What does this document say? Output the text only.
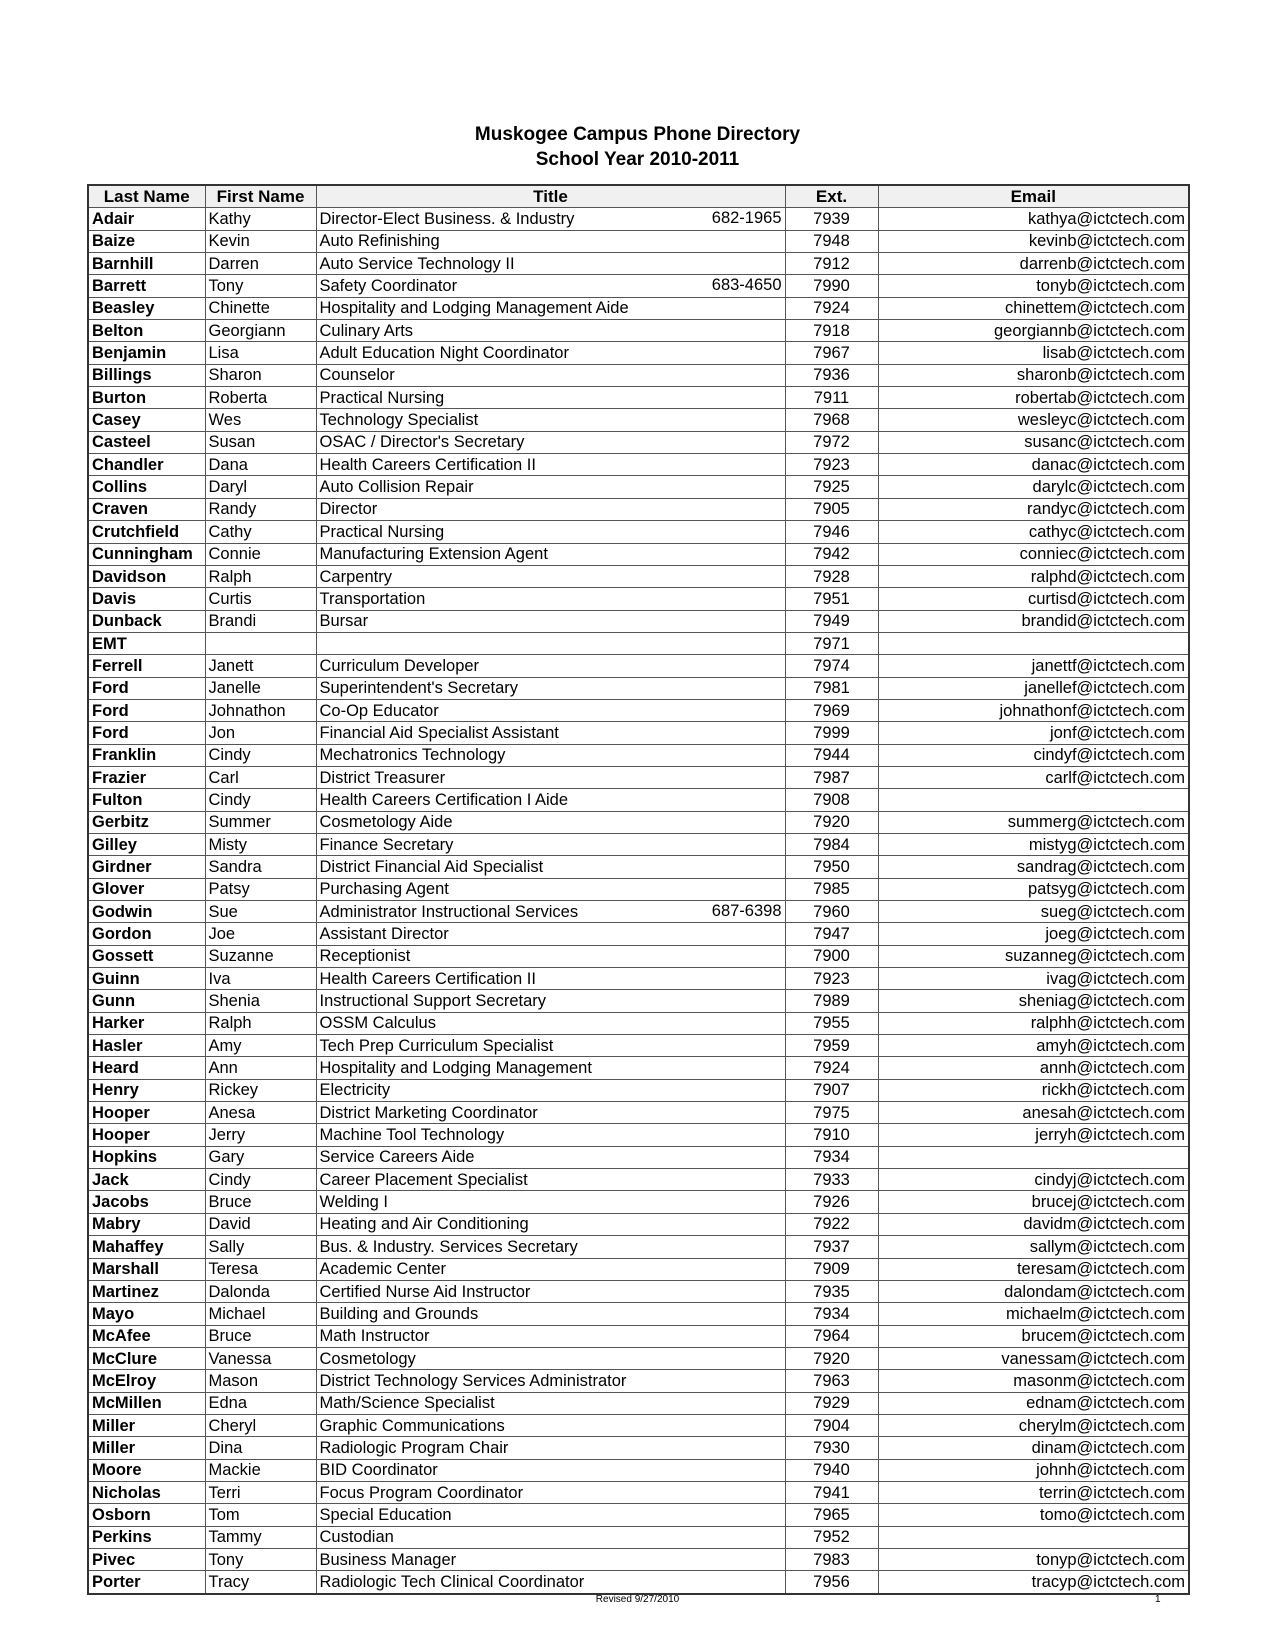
Muskogee Campus Phone Directory
School Year 2010-2011
Last Name	First Name	Title	Ext.	Email
Adair	Kathy	Director-Elect Business. & Industry 682-1965	7939	kathya@ictctech.com
Baize	Kevin	Auto Refinishing	7948	kevinb@ictctech.com
Barnhill	Darren	Auto Service Technology II	7912	darrenb@ictctech.com
Barrett	Tony	Safety Coordinator 683-4650	7990	tonyb@ictctech.com
Beasley	Chinette	Hospitality and Lodging Management Aide	7924	chinettem@ictctech.com
Belton	Georgiann	Culinary Arts	7918	georgiannb@ictctech.com
Benjamin	Lisa	Adult Education Night Coordinator	7967	lisab@ictctech.com
Billings	Sharon	Counselor	7936	sharonb@ictctech.com
Burton	Roberta	Practical Nursing	7911	robertab@ictctech.com
Casey	Wes	Technology Specialist	7968	wesleyc@ictctech.com
Casteel	Susan	OSAC / Director's Secretary	7972	susanc@ictctech.com
Chandler	Dana	Health Careers Certification II	7923	danac@ictctech.com
Collins	Daryl	Auto Collision Repair	7925	darylc@ictctech.com
Craven	Randy	Director	7905	randyc@ictctech.com
Crutchfield	Cathy	Practical Nursing	7946	cathyc@ictctech.com
Cunningham	Connie	Manufacturing Extension Agent	7942	conniec@ictctech.com
Davidson	Ralph	Carpentry	7928	ralphd@ictctech.com
Davis	Curtis	Transportation	7951	curtisd@ictctech.com
Dunback	Brandi	Bursar	7949	brandid@ictctech.com
EMT			7971	
Ferrell	Janett	Curriculum Developer	7974	janettf@ictctech.com
Ford	Janelle	Superintendent's Secretary	7981	janellef@ictctech.com
Ford	Johnathon	Co-Op Educator	7969	johnathonf@ictctech.com
Ford	Jon	Financial Aid Specialist Assistant	7999	jonf@ictctech.com
Franklin	Cindy	Mechatronics Technology	7944	cindyf@ictctech.com
Frazier	Carl	District Treasurer	7987	carlf@ictctech.com
Fulton	Cindy	Health Careers Certification I Aide	7908	
Gerbitz	Summer	Cosmetology Aide	7920	summerg@ictctech.com
Gilley	Misty	Finance Secretary	7984	mistyg@ictctech.com
Girdner	Sandra	District Financial Aid Specialist	7950	sandrag@ictctech.com
Glover	Patsy	Purchasing Agent	7985	patsyg@ictctech.com
Godwin	Sue	Administrator Instructional Services 687-6398	7960	sueg@ictctech.com
Gordon	Joe	Assistant Director	7947	joeg@ictctech.com
Gossett	Suzanne	Receptionist	7900	suzanneg@ictctech.com
Guinn	Iva	Health Careers Certification II	7923	ivag@ictctech.com
Gunn	Shenia	Instructional Support Secretary	7989	sheniag@ictctech.com
Harker	Ralph	OSSM Calculus	7955	ralphh@ictctech.com
Hasler	Amy	Tech Prep Curriculum Specialist	7959	amyh@ictctech.com
Heard	Ann	Hospitality and Lodging Management	7924	annh@ictctech.com
Henry	Rickey	Electricity	7907	rickh@ictctech.com
Hooper	Anesa	District Marketing Coordinator	7975	anesah@ictctech.com
Hooper	Jerry	Machine Tool Technology	7910	jerryh@ictctech.com
Hopkins	Gary	Service Careers Aide	7934	
Jack	Cindy	Career Placement Specialist	7933	cindyj@ictctech.com
Jacobs	Bruce	Welding I	7926	brucej@ictctech.com
Mabry	David	Heating and Air Conditioning	7922	davidm@ictctech.com
Mahaffey	Sally	Bus. & Industry. Services Secretary	7937	sallym@ictctech.com
Marshall	Teresa	Academic Center	7909	teresam@ictctech.com
Martinez	Dalonda	Certified Nurse Aid Instructor	7935	dalondam@ictctech.com
Mayo	Michael	Building and Grounds	7934	michaelm@ictctech.com
McAfee	Bruce	Math Instructor	7964	brucem@ictctech.com
McClure	Vanessa	Cosmetology	7920	vanessam@ictctech.com
McElroy	Mason	District Technology Services Administrator	7963	masonm@ictctech.com
McMillen	Edna	Math/Science Specialist	7929	ednam@ictctech.com
Miller	Cheryl	Graphic Communications	7904	cherylm@ictctech.com
Miller	Dina	Radiologic Program Chair	7930	dinam@ictctech.com
Moore	Mackie	BID Coordinator	7940	johnh@ictctech.com
Nicholas	Terri	Focus Program Coordinator	7941	terrin@ictctech.com
Osborn	Tom	Special Education	7965	tomo@ictctech.com
Perkins	Tammy	Custodian	7952	
Pivec	Tony	Business Manager	7983	tonyp@ictctech.com
Porter	Tracy	Radiologic Tech Clinical Coordinator	7956	tracyp@ictctech.com
Revised 9/27/2010	1
